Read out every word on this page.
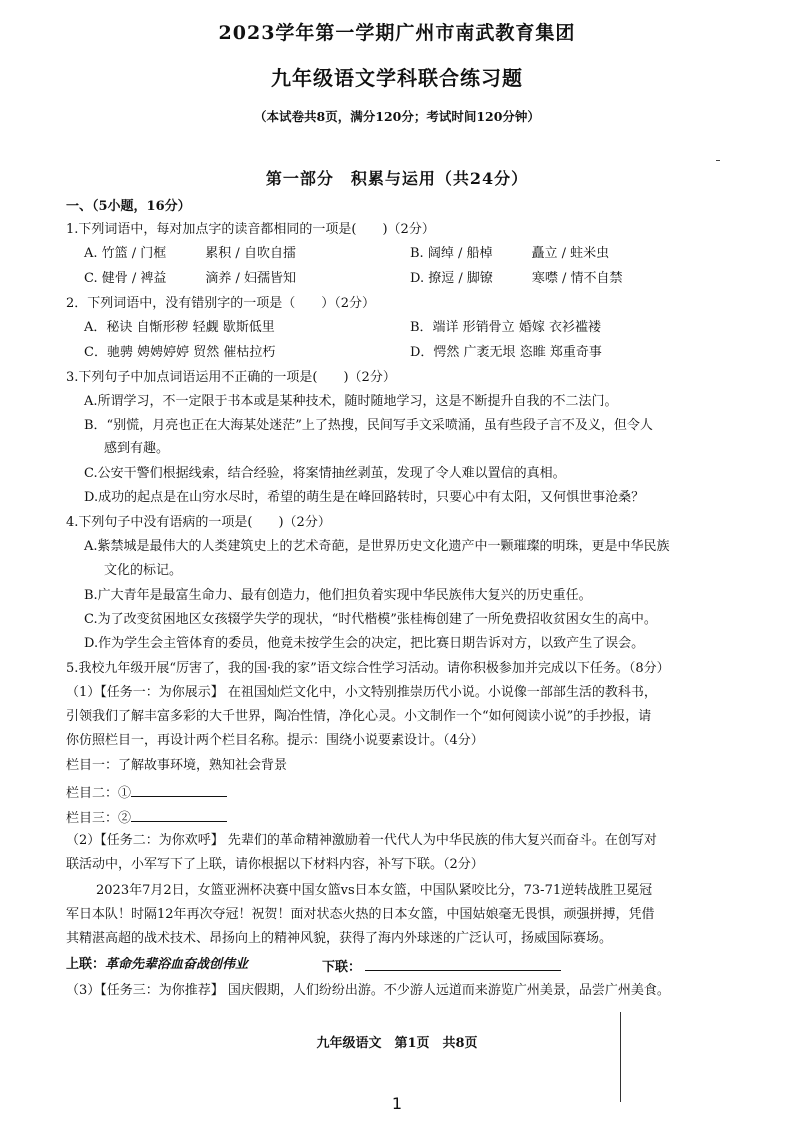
2023学年第一学期广州市南武教育集团
九年级语文学科联合练习题
（本试卷共8页，满分120分；考试时间120分钟）
第一部分　积累与运用（共24分）
一、（5小题，16分）
1.下列词语中，每对加点字的读音都相同的一项是(　　)（2分）
A. 竹篮 / 门框　　　累积 / 自吹自擂	B. 阔绰 / 船棹　　　矗立 / 蛀米虫
C. 健骨 / 裨益　　　滴养 / 妇孺皆知	D. 撩逗 / 脚镣　　　寒噤 / 情不自禁
2．下列词语中，没有错别字的一项是（　　）（2分）
A．秘诀 自惭形秽 轻觑 歇斯低里	B．端详 形销骨立 婚嫁 衣衫褴褛
C．驰骋 娉娉婷婷 贸然 催枯拉朽	D．愕然 广袤无垠 恣睢 郑重奇事
3.下列句子中加点词语运用不正确的一项是(　　)（2分）
A.所谓学习，不一定限于书本或是某种技术，随时随地学习，这是不断提升自我的不二法门。
B．“别慌，月亮也正在大海某处迷茫”上了热搜，民间写手文采喷涌，虽有些段子言不及义，但令人
感到有趣。
C.公安干警们根据线索，结合经验，将案情抽丝剥茧，发现了令人难以置信的真相。
D.成功的起点是在山穷水尽时，希望的萌生是在峰回路转时，只要心中有太阳，又何惧世事沧桑？
4.下列句子中没有语病的一项是(　　)（2分）
A.紫禁城是最伟大的人类建筑史上的艺术奇葩，是世界历史文化遗产中一颗璀璨的明珠，更是中华民族
文化的标记。
B.广大青年是最富生命力、最有创造力，他们担负着实现中华民族伟大复兴的历史重任。
C.为了改变贫困地区女孩辍学失学的现状，“时代楷模”张桂梅创建了一所免费招收贫困女生的高中。
D.作为学生会主管体育的委员，他竟未按学生会的决定，把比赛日期告诉对方，以致产生了误会。
5.我校九年级开展“厉害了，我的国·我的家”语文综合性学习活动。请你积极参加并完成以下任务。（8分）
（1）【任务一：为你展示】 在祖国灿烂文化中，小文特别推崇历代小说。小说像一部部生活的教科书，
引领我们了解丰富多彩的大千世界，陶冶性情，净化心灵。小文制作一个“如何阅读小说”的手抄报，请
你仿照栏目一，再设计两个栏目名称。提示：围绕小说要素设计。（4分）
栏目一：了解故事环境，熟知社会背景
栏目二：①
栏目三：②
（2）【任务二：为你欢呼】 先辈们的革命精神激励着一代代人为中华民族的伟大复兴而奋斗。在创写对
联活动中，小军写下了上联，请你根据以下材料内容，补写下联。（2分）
2023年7月2日，女篮亚洲杯决赛中国女篮vs日本女篮，中国队紧咬比分，73-71逆转战胜卫冕冠
军日本队！时隔12年再次夺冠！祝贺！面对状态火热的日本女篮，中国姑娘毫无畏惧，顽强拼搏，凭借
其精湛高超的战术技术、昂扬向上的精神风貌，获得了海内外球迷的广泛认可，扬威国际赛场。
上联：革命先辈浴血奋战创伟业	下联：
（3）【任务三：为你推荐】 国庆假期，人们纷纷出游。不少游人远道而来游览广州美景，品尝广州美食。
九年级语文　第1页　共8页
1
